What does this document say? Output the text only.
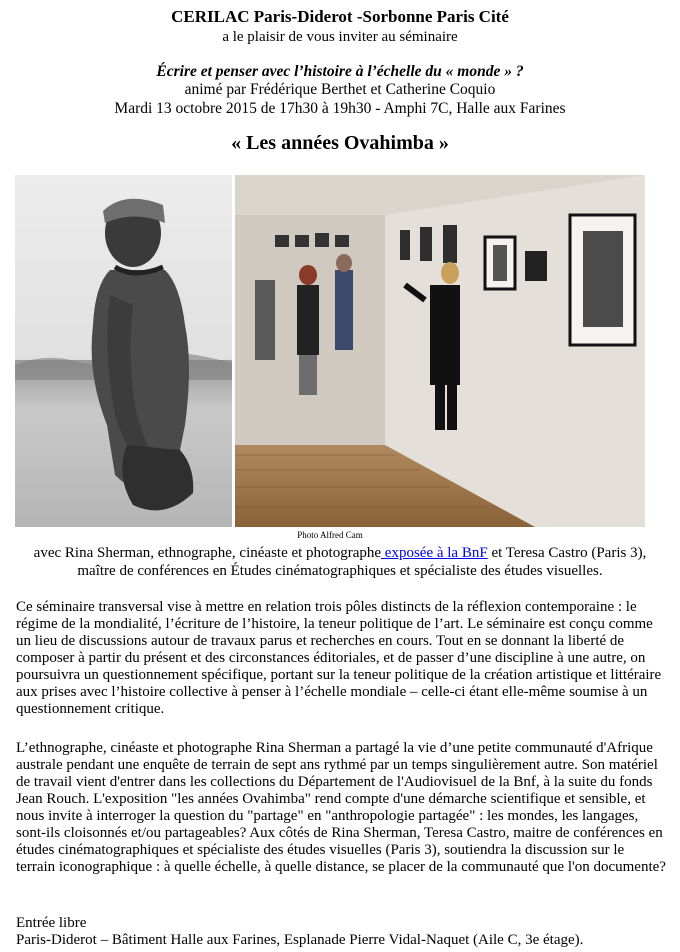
CERILAC Paris-Diderot -Sorbonne Paris Cité
a le plaisir de vous inviter au séminaire
Écrire et penser avec l’histoire à l’échelle du « monde » ?
animé par Frédérique Berthet et Catherine Coquio
Mardi 13 octobre 2015 de 17h30 à 19h30 - Amphi 7C, Halle aux Farines
« Les années Ovahimba »
Photo Alfred Cam
avec Rina Sherman, ethnographe, cinéaste et photographe exposée à la BnF et Teresa Castro (Paris 3),
maître de conférences en Études cinématographiques et spécialiste des études visuelles.
Ce séminaire transversal vise à mettre en relation trois pôles distincts de la réflexion contemporaine : le régime de la mondialité, l’écriture de l’histoire, la teneur politique de l’art. Le séminaire est conçu comme un lieu de discussions autour de travaux parus et recherches en cours. Tout en se donnant la liberté de composer à partir du présent et des circonstances éditoriales, et de passer d’une discipline à une autre, on poursuivra un questionnement spécifique, portant sur la teneur politique de la création artistique et littéraire aux prises avec l’histoire collective à penser à l’échelle mondiale – celle-ci étant elle-même soumise à un questionnement critique.
L’ethnographe, cinéaste et photographe Rina Sherman a partagé la vie d’une petite communauté d'Afrique australe pendant une enquête de terrain de sept ans rythmé par un temps singulièrement autre. Son matériel de travail vient d'entrer dans les collections du Département de l'Audiovisuel de la Bnf, à la suite du fonds Jean Rouch. L'exposition "les années Ovahimba" rend compte d'une démarche scientifique et sensible, et nous invite à interroger la question du "partage" en "anthropologie partagée" : les mondes, les langages, sont-ils cloisonnés et/ou partageables? Aux côtés de Rina Sherman, Teresa Castro, maitre de conférences en études cinématographiques et spécialiste des études visuelles (Paris 3), soutiendra la discussion sur le terrain iconographique : à quelle échelle, à quelle distance, se placer de la communauté que l'on documente?
Entrée libre
Paris-Diderot – Bâtiment Halle aux Farines, Esplanade Pierre Vidal-Naquet (Aile C, 3e étage).
